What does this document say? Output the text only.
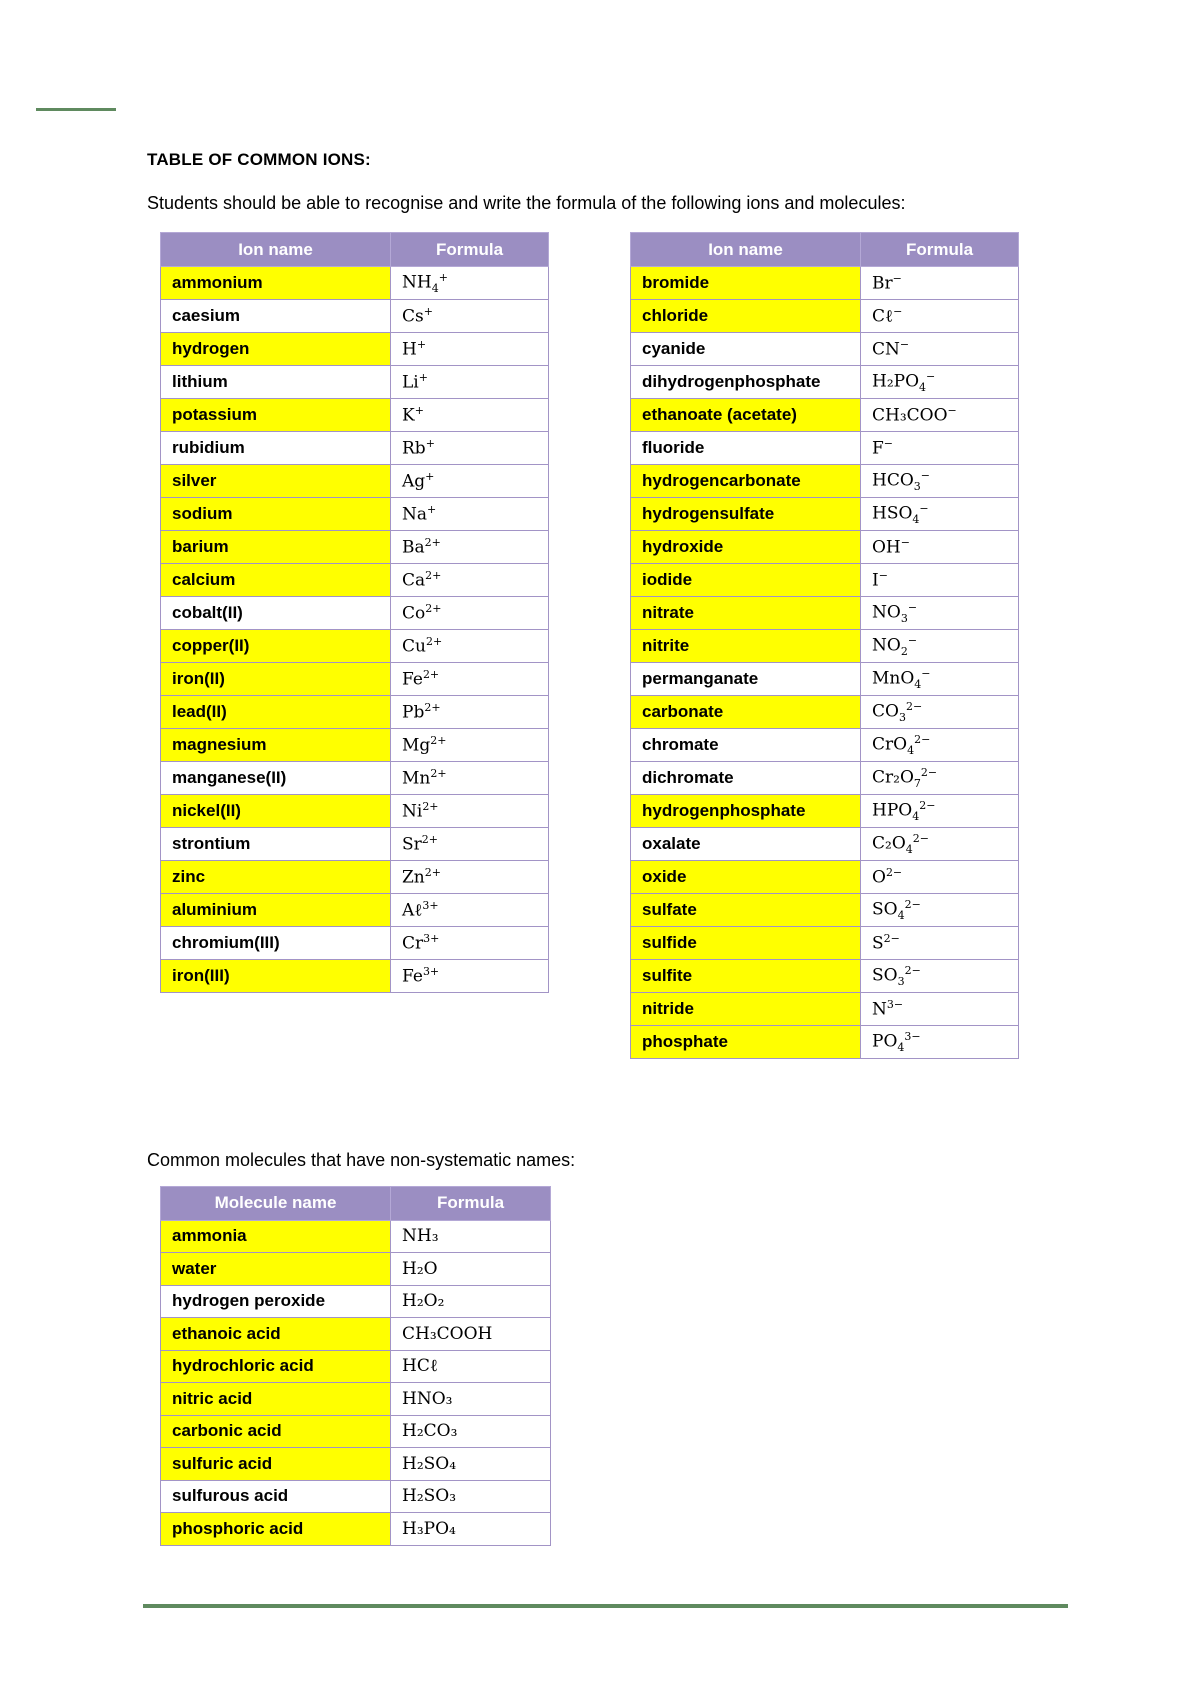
TABLE OF COMMON IONS:
Students should be able to recognise and write the formula of the following ions and molecules:
Ion name	Formula
ammonium	$NH_4^+$
caesium	Cs+
hydrogen	H+
lithium	Li+
potassium	K+
rubidium	Rb+
silver	Ag+
sodium	Na+
barium	$Ba^{2+}$
calcium	$Ca^{2+}$
cobalt(II)	$Co^{2+}$
copper(II)	$Cu^{2+}$
iron(II)	$Fe^{2+}$
lead(II)	$Pb^{2+}$
magnesium	$Mg^{2+}$
manganese(II)	$Mn^{2+}$
nickel(II)	$Ni^{2+}$
strontium	$Sr^{2+}$
zinc	$Zn^{2+}$
aluminium	Aℓ$^{3+}$
chromium(III)	$Cr^{3+}$
iron(III)	$Fe^{3+}$
Ion name	Formula
bromide	Br−
chloride	Cℓ−
cyanide	CN−
dihydrogenphosphate	$H_2PO_4^-$
ethanoate (acetate)	CH₃COO−
fluoride	F−
hydrogencarbonate	$HCO_3^-$
hydrogensulfate	$HSO_4^-$
hydroxide	OH−
iodide	I−
nitrate	$NO_3^-$
nitrite	$NO_2^-$
permanganate	MnO$_4$−
carbonate	$CO_3^{2-}$
chromate	CrO$_4^{2-}$
dichromate	$Cr_2O_7^{2-}$
hydrogenphosphate	$HPO_4^{2-}$
oxalate	$C_2O_4^{2-}$
oxide	$O^{2-}$
sulfate	$SO_4^{2-}$
sulfide	$S^{2-}$
sulfite	$SO_3^{2-}$
nitride	$N^{3-}$
phosphate	$PO_4^{3-}$
Common molecules that have non-systematic names:
Molecule name	Formula
ammonia	NH₃
water	H₂O
hydrogen peroxide	H₂O₂
ethanoic acid	CH₃COOH
hydrochloric acid	HCℓ
nitric acid	HNO₃
carbonic acid	H₂CO₃
sulfuric acid	H₂SO₄
sulfurous acid	H₂SO₃
phosphoric acid	H₃PO₄
